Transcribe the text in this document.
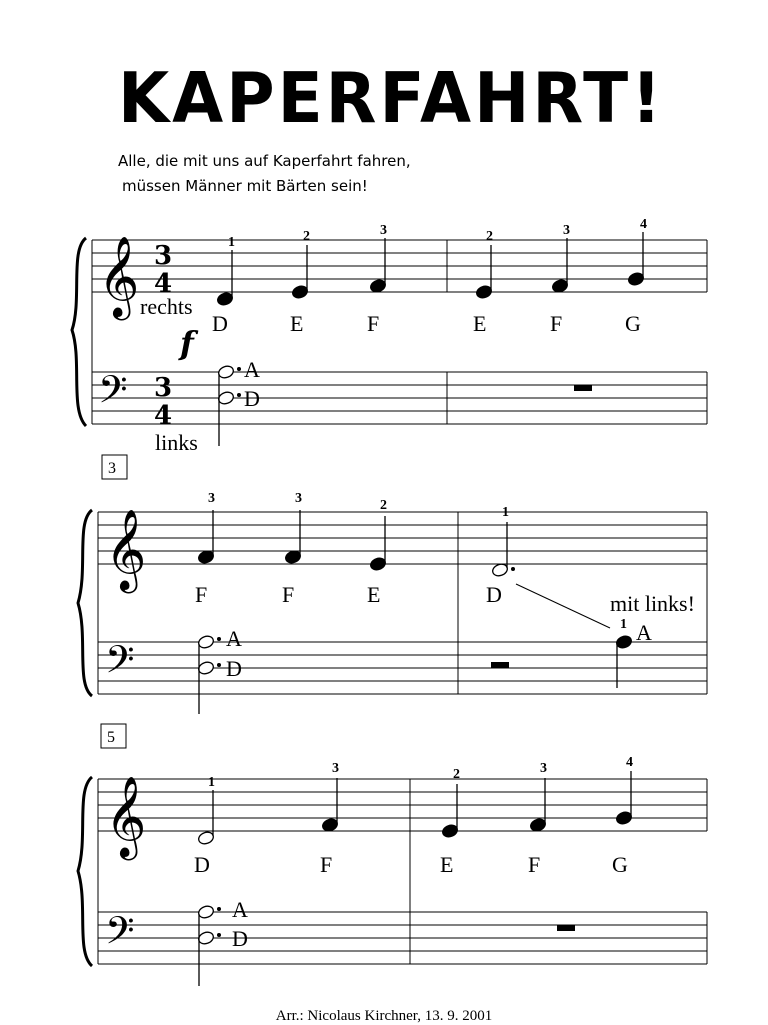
KAPERFAHRT!
Alle, die mit uns auf Kaperfahrt fahren,
müssen Männer mit Bärten sein!
𝄞
𝄢
𝄞
𝄢
𝄞
𝄢
3
4
3
4
3
5
rechts
links
f
mit links!
1	2	3	2	3	4
3	3	2	1
1
1
3	2	3	4
D	E	F	E	F	G
A
D
F	F	E	D
A
D
A
D	F	E	F	G
A
D
Arr.: Nicolaus Kirchner, 13. 9. 2001
